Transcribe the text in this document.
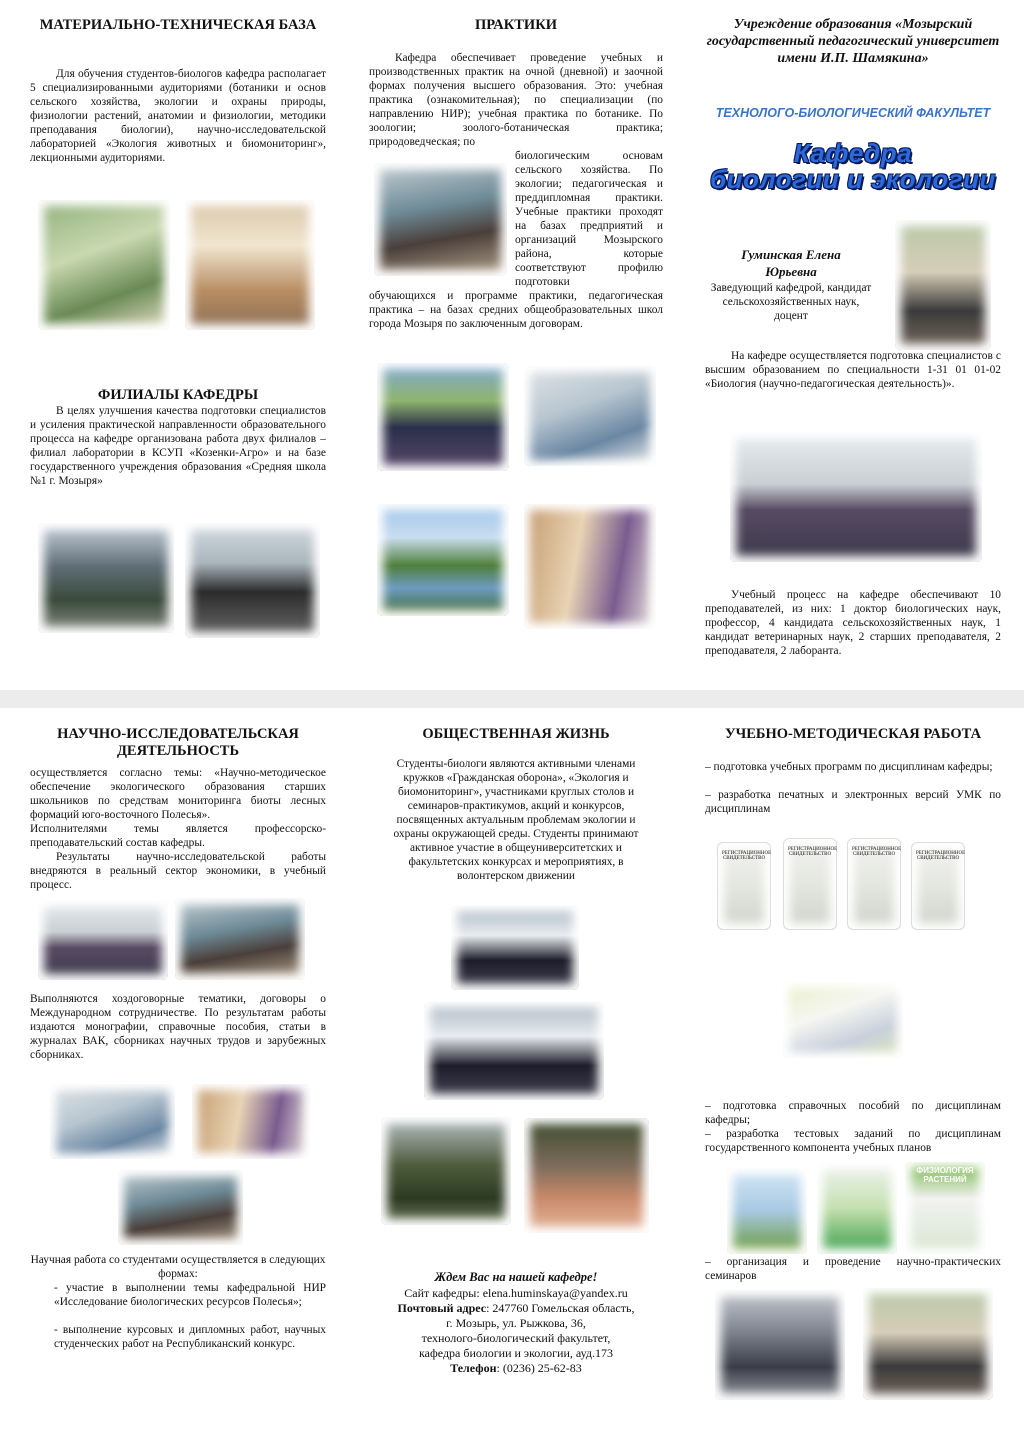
МАТЕРИАЛЬНО-ТЕХНИЧЕСКАЯ БАЗА

Для обучения студентов-биологов кафедра располагает 5 специализированными аудиториями (ботаники и основ сельского хозяйства, экологии и охраны природы, физиологии растений, анатомии и физиологии, методики преподавания биологии), научно-исследовательской лабораторией «Экология животных и биомониторинг», лекционными аудиториями.

ФИЛИАЛЫ КАФЕДРЫ

В целях улучшения качества подготовки специалистов и усиления практической направленности образовательного процесса на кафедре организована работа двух филиалов – филиал лаборатории в КСУП «Козенки-Агро» и на базе государственного учреждения образования «Средняя школа №1 г. Мозыря»

ПРАКТИКИ

Кафедра обеспечивает проведение учебных и производственных практик на очной (дневной) и заочной формах получения высшего образования. Это: учебная практика (ознакомительная); по специализации (по направлению НИР); учебная практика по ботанике. По зоологии; зоолого-ботаническая практика; природоведческая; по

биологическим основам сельского хозяйства. По экологии; педагогическая и преддипломная практики. Учебные практики проходят на базах предприятий и организаций Мозырского района, которые соответствуют профилю подготовки

обучающихся и программе практики, педагогическая практика – на базах средних общеобразовательных школ города Мозыря по заключенным договорам.

Учреждение образования «Мозырский государственный педагогический университет имени И.П. Шамякина»

ТЕХНОЛОГО-БИОЛОГИЧЕСКИЙ ФАКУЛЬТЕТ

Кафедра
биологии и экологии

Гуминская Елена Юрьевна

Заведующий кафедрой, кандидат сельскохозяйственных наук, доцент

На кафедре осуществляется подготовка специалистов с высшим образованием по специальности 1-31 01 01-02 «Биология (научно-педагогическая деятельность)».

Учебный процесс на кафедре обеспечивают 10 преподавателей, из них: 1 доктор биологических наук, профессор, 4 кандидата сельскохозяйственных наук, 1 кандидат ветеринарных наук, 2 старших преподавателя, 2 преподавателя, 2 лаборанта.

НАУЧНО-ИССЛЕДОВАТЕЛЬСКАЯ ДЕЯТЕЛЬНОСТЬ

осуществляется согласно темы: «Научно-методическое обеспечение экологического образования старших школьников по средствам мониторинга биоты лесных формаций юго-восточного Полесья».

Исполнителями темы является профессорско-преподавательский состав кафедры.

Результаты научно-исследовательской работы внедряются в реальный сектор экономики, в учебный процесс.

Выполняются хоздоговорные тематики, договоры о Международном сотрудничестве. По результатам работы издаются монографии, справочные пособия, статьи в журналах ВАК, сборниках научных трудов и зарубежных сборниках.

Научная работа со студентами осуществляется в следующих формах:

- участие в выполнении темы кафедральной НИР «Исследование биологических ресурсов Полесья»;

- выполнение курсовых и дипломных работ, научных студенческих работ на Республиканский конкурс.

ОБЩЕСТВЕННАЯ ЖИЗНЬ

Студенты-биологи являются активными членами кружков «Гражданская оборона», «Экология и биомониторинг», участниками круглых столов и семинаров-практикумов, акций и конкурсов, посвященных актуальным проблемам экологии и охраны окружающей среды. Студенты принимают активное участие в общеуниверситетских и факультетских конкурсах и мероприятиях, в волонтерском движении

Ждем Вас на нашей кафедре!

Сайт кафедры: elena.huminskaya@yandex.ru

Почтовый адрес: 247760 Гомельская область,

г. Мозырь, ул. Рыжкова, 36,

технолого-биологический факультет,

кафедра биологии и экологии, ауд.173

Телефон: (0236) 25-62-83

УЧЕБНО-МЕТОДИЧЕСКАЯ РАБОТА

– подготовка учебных программ по дисциплинам кафедры;

– разработка печатных и электронных версий УМК по дисциплинам

РЕГИСТРАЦИОННОЕ СВИДЕТЕЛЬСТВО
РЕГИСТРАЦИОННОЕ СВИДЕТЕЛЬСТВО
РЕГИСТРАЦИОННОЕ СВИДЕТЕЛЬСТВО	РЕГИСТРАЦИОННОЕ СВИДЕТЕЛЬСТВО

– подготовка справочных пособий по дисциплинам кафедры;

– разработка тестовых заданий по дисциплинам государственного компонента учебных планов

ФИЗИОЛОГИЯ РАСТЕНИЙ

– организация и проведение научно-практических семинаров
